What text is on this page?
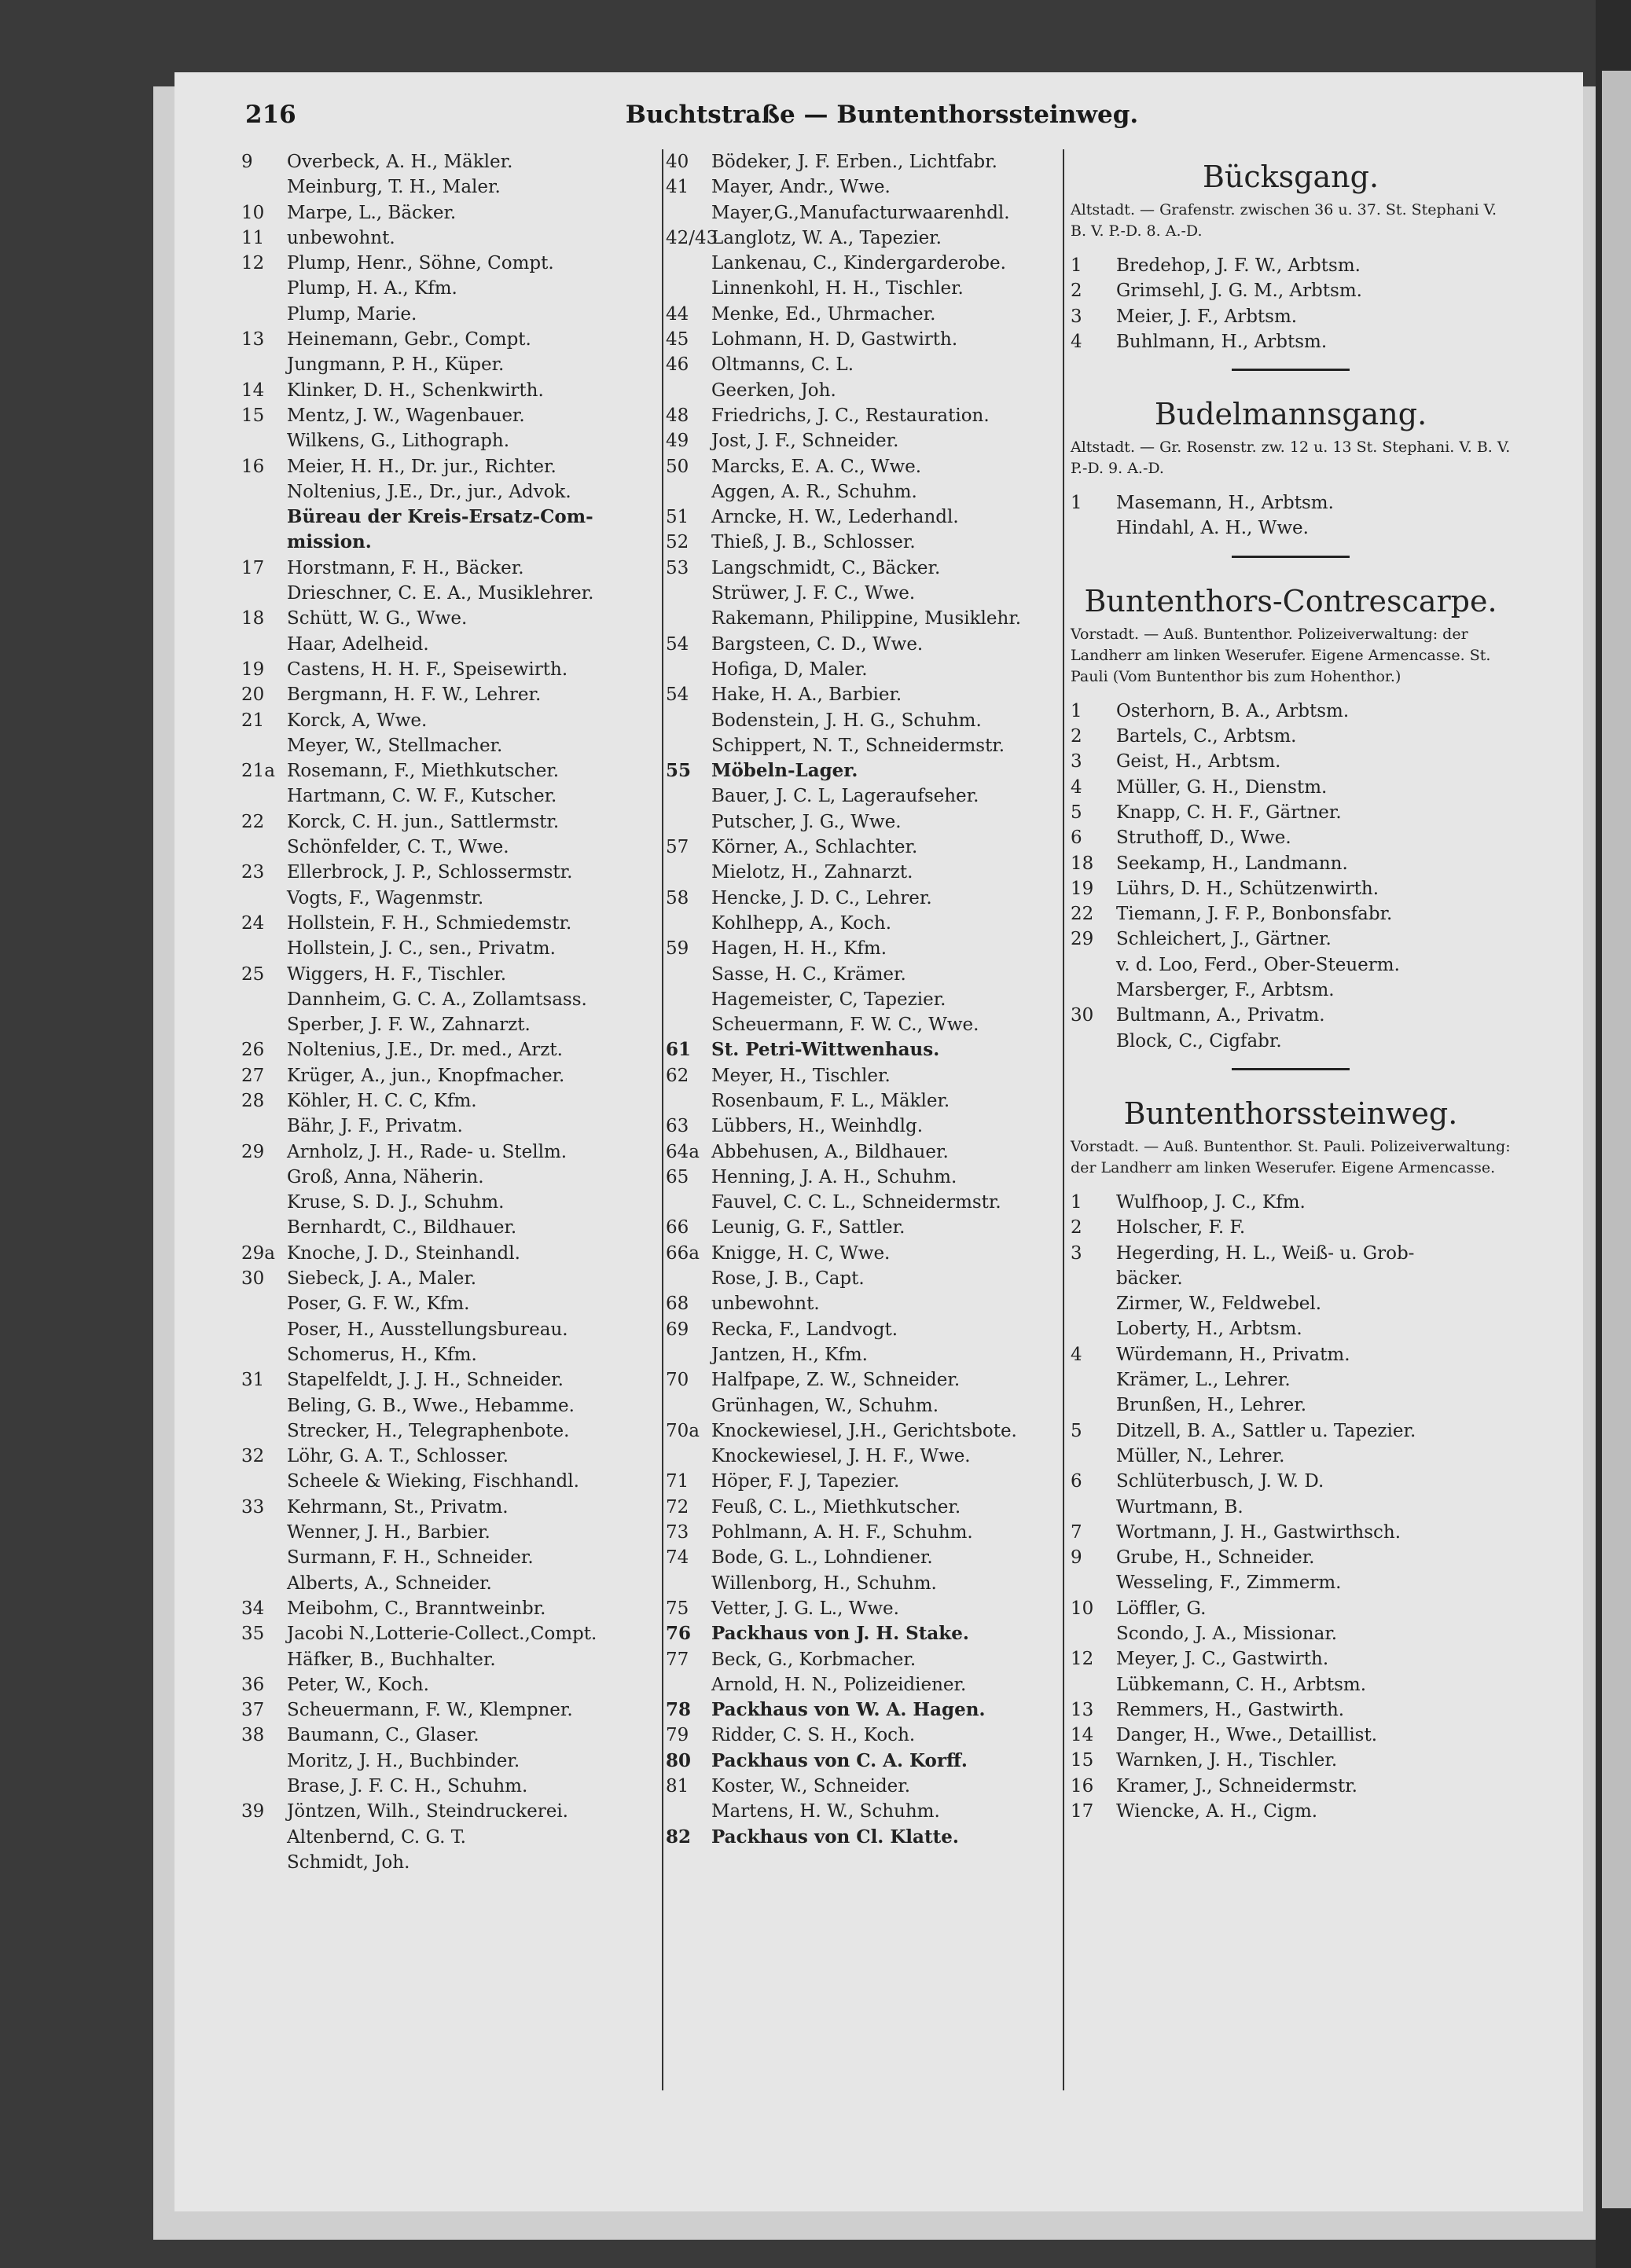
216	Buchtstraße — Buntenthorssteinweg.
9 Overbeck, A. H., Mäkler.
Meinburg, T. H., Maler.
10 Marpe, L., Bäcker.
11 unbewohnt.
12 Plump, Henr., Söhne, Compt.
Plump, H. A., Kfm.
Plump, Marie.
13 Heinemann, Gebr., Compt.
Jungmann, P. H., Küper.
14 Klinker, D. H., Schenkwirth.
15 Mentz, J. W., Wagenbauer.
Wilkens, G., Lithograph.
16 Meier, H. H., Dr. jur., Richter.
Noltenius, J.E., Dr., jur., Advok.
Büreau der Kreis-Ersatz-Com-
mission.
17 Horstmann, F. H., Bäcker.
Drieschner, C. E. A., Musiklehrer.
18 Schütt, W. G., Wwe.
Haar, Adelheid.
19 Castens, H. H. F., Speisewirth.
20 Bergmann, H. F. W., Lehrer.
21 Korck, A, Wwe.
Meyer, W., Stellmacher.
21a Rosemann, F., Miethkutscher.
Hartmann, C. W. F., Kutscher.
22 Korck, C. H. jun., Sattlermstr.
Schönfelder, C. T., Wwe.
23 Ellerbrock, J. P., Schlossermstr.
Vogts, F., Wagenmstr.
24 Hollstein, F. H., Schmiedemstr.
Hollstein, J. C., sen., Privatm.
25 Wiggers, H. F., Tischler.
Dannheim, G. C. A., Zollamtsass.
Sperber, J. F. W., Zahnarzt.
26 Noltenius, J.E., Dr. med., Arzt.
27 Krüger, A., jun., Knopfmacher.
28 Köhler, H. C. C, Kfm.
Bähr, J. F., Privatm.
29 Arnholz, J. H., Rade- u. Stellm.
Groß, Anna, Näherin.
Kruse, S. D. J., Schuhm.
Bernhardt, C., Bildhauer.
29a Knoche, J. D., Steinhandl.
30 Siebeck, J. A., Maler.
Poser, G. F. W., Kfm.
Poser, H., Ausstellungsbureau.
Schomerus, H., Kfm.
31 Stapelfeldt, J. J. H., Schneider.
Beling, G. B., Wwe., Hebamme.
Strecker, H., Telegraphenbote.
32 Löhr, G. A. T., Schlosser.
Scheele & Wieking, Fischhandl.
33 Kehrmann, St., Privatm.
Wenner, J. H., Barbier.
Surmann, F. H., Schneider.
Alberts, A., Schneider.
34 Meibohm, C., Branntweinbr.
35 Jacobi N.,Lotterie-Collect.,Compt.
Häfker, B., Buchhalter.
36 Peter, W., Koch.
37 Scheuermann, F. W., Klempner.
38 Baumann, C., Glaser.
Moritz, J. H., Buchbinder.
Brase, J. F. C. H., Schuhm.
39 Jöntzen, Wilh., Steindruckerei.
Altenbernd, C. G. T.
Schmidt, Joh.
40 Bödeker, J. F. Erben., Lichtfabr.
41 Mayer, Andr., Wwe.
Mayer,G.,Manufacturwaarenhdl.
42/43Langlotz, W. A., Tapezier.
Lankenau, C., Kindergarderobe.
Linnenkohl, H. H., Tischler.
44 Menke, Ed., Uhrmacher.
45 Lohmann, H. D, Gastwirth.
46 Oltmanns, C. L.
Geerken, Joh.
48 Friedrichs, J. C., Restauration.
49 Jost, J. F., Schneider.
50 Marcks, E. A. C., Wwe.
Aggen, A. R., Schuhm.
51 Arncke, H. W., Lederhandl.
52 Thieß, J. B., Schlosser.
53 Langschmidt, C., Bäcker.
Strüwer, J. F. C., Wwe.
Rakemann, Philippine, Musiklehr.
54 Bargsteen, C. D., Wwe.
Hofiga, D, Maler.
54 Hake, H. A., Barbier.
Bodenstein, J. H. G., Schuhm.
Schippert, N. T., Schneidermstr.
55 Möbeln-Lager.
Bauer, J. C. L, Lageraufseher.
Putscher, J. G., Wwe.
57 Körner, A., Schlachter.
Mielotz, H., Zahnarzt.
58 Hencke, J. D. C., Lehrer.
Kohlhepp, A., Koch.
59 Hagen, H. H., Kfm.
Sasse, H. C., Krämer.
Hagemeister, C, Tapezier.
Scheuermann, F. W. C., Wwe.
61 St. Petri-Wittwenhaus.
62 Meyer, H., Tischler.
Rosenbaum, F. L., Mäkler.
63 Lübbers, H., Weinhdlg.
64a Abbehusen, A., Bildhauer.
65 Henning, J. A. H., Schuhm.
Fauvel, C. C. L., Schneidermstr.
66 Leunig, G. F., Sattler.
66a Knigge, H. C, Wwe.
Rose, J. B., Capt.
68 unbewohnt.
69 Recka, F., Landvogt.
Jantzen, H., Kfm.
70 Halfpape, Z. W., Schneider.
Grünhagen, W., Schuhm.
70a Knockewiesel, J.H., Gerichtsbote.
Knockewiesel, J. H. F., Wwe.
71 Höper, F. J, Tapezier.
72 Feuß, C. L., Miethkutscher.
73 Pohlmann, A. H. F., Schuhm.
74 Bode, G. L., Lohndiener.
Willenborg, H., Schuhm.
75 Vetter, J. G. L., Wwe.
76 Packhaus von J. H. Stake.
77 Beck, G., Korbmacher.
Arnold, H. N., Polizeidiener.
78 Packhaus von W. A. Hagen.
79 Ridder, C. S. H., Koch.
80 Packhaus von C. A. Korff.
81 Koster, W., Schneider.
Martens, H. W., Schuhm.
82 Packhaus von Cl. Klatte.
Bücksgang.
Altstadt. — Grafenstr. zwischen 36 u. 37. St. Stephani V. B. V. P.-D. 8. A.-D.
1 Bredehop, J. F. W., Arbtsm.
2 Grimsehl, J. G. M., Arbtsm.
3 Meier, J. F., Arbtsm.
4 Buhlmann, H., Arbtsm.
Budelmannsgang.
Altstadt. — Gr. Rosenstr. zw. 12 u. 13 St. Stephani. V. B. V. P.-D. 9. A.-D.
1 Masemann, H., Arbtsm.
Hindahl, A. H., Wwe.
Buntenthors-Contrescarpe.
Vorstadt. — Auß. Buntenthor. Polizeiverwaltung: der Landherr am linken Weserufer. Eigene Armencasse. St. Pauli (Vom Buntenthor bis zum Hohenthor.)
1 Osterhorn, B. A., Arbtsm.
2 Bartels, C., Arbtsm.
3 Geist, H., Arbtsm.
4 Müller, G. H., Dienstm.
5 Knapp, C. H. F., Gärtner.
6 Struthoff, D., Wwe.
18 Seekamp, H., Landmann.
19 Lührs, D. H., Schützenwirth.
22 Tiemann, J. F. P., Bonbonsfabr.
29 Schleichert, J., Gärtner.
v. d. Loo, Ferd., Ober-Steuerm.
Marsberger, F., Arbtsm.
30 Bultmann, A., Privatm.
Block, C., Cigfabr.
Buntenthorssteinweg.
Vorstadt. — Auß. Buntenthor. St. Pauli. Polizeiverwaltung: der Landherr am linken Weserufer. Eigene Armencasse.
1 Wulfhoop, J. C., Kfm.
2 Holscher, F. F.
3 Hegerding, H. L., Weiß- u. Grob-
bäcker.
Zirmer, W., Feldwebel.
Loberty, H., Arbtsm.
4 Würdemann, H., Privatm.
Krämer, L., Lehrer.
Brunßen, H., Lehrer.
5 Ditzell, B. A., Sattler u. Tapezier.
Müller, N., Lehrer.
6 Schlüterbusch, J. W. D.
Wurtmann, B.
7 Wortmann, J. H., Gastwirthsch.
9 Grube, H., Schneider.
Wesseling, F., Zimmerm.
10 Löffler, G.
Scondo, J. A., Missionar.
12 Meyer, J. C., Gastwirth.
Lübkemann, C. H., Arbtsm.
13 Remmers, H., Gastwirth.
14 Danger, H., Wwe., Detaillist.
15 Warnken, J. H., Tischler.
16 Kramer, J., Schneidermstr.
17 Wiencke, A. H., Cigm.
